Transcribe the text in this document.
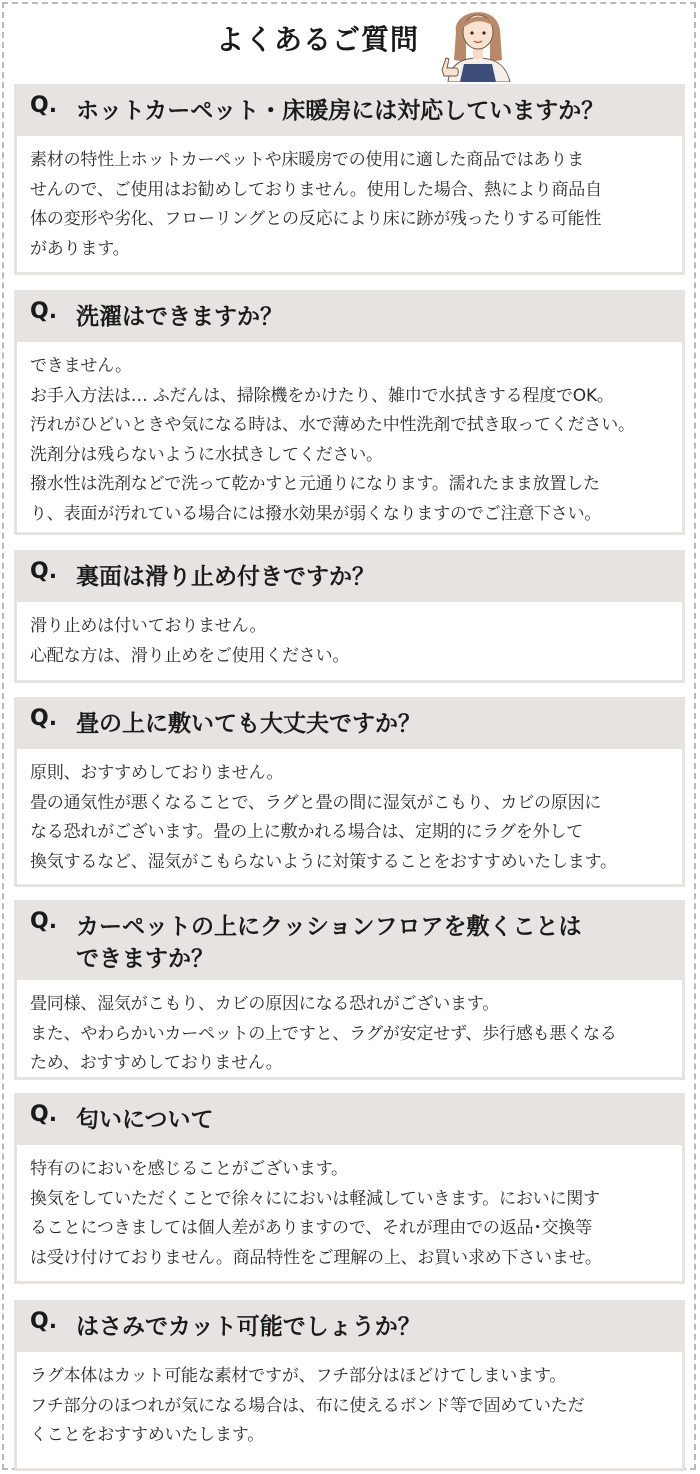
よくあるご質問
Q. ホットカーペット・床暖房には対応していますか？
素材の特性上ホットカーペットや床暖房での使用に適した商品ではありま
せんので、ご使用はお勧めしておりません。使用した場合、熱により商品自
体の変形や劣化、フローリングとの反応により床に跡が残ったりする可能性
があります。
Q. 洗濯はできますか？
できません。
お手入方法は… ふだんは、掃除機をかけたり、雑巾で水拭きする程度でOK。
汚れがひどいときや気になる時は、水で薄めた中性洗剤で拭き取ってください。
洗剤分は残らないように水拭きしてください。
撥水性は洗剤などで洗って乾かすと元通りになります。濡れたまま放置した
り、表面が汚れている場合には撥水効果が弱くなりますのでご注意下さい。
Q. 裏面は滑り止め付きですか？
滑り止めは付いておりません。
心配な方は、滑り止めをご使用ください。
Q. 畳の上に敷いても大丈夫ですか？
原則、おすすめしておりません。
畳の通気性が悪くなることで、ラグと畳の間に湿気がこもり、カビの原因に
なる恐れがございます。畳の上に敷かれる場合は、定期的にラグを外して
換気するなど、湿気がこもらないように対策することをおすすめいたします。
Q. カーペットの上にクッションフロアを敷くことは
できますか？
畳同様、湿気がこもり、カビの原因になる恐れがございます。
また、やわらかいカーペットの上ですと、ラグが安定せず、歩行感も悪くなる
ため、おすすめしておりません。
Q. 匂いについて
特有のにおいを感じることがございます。
換気をしていただくことで徐々ににおいは軽減していきます。においに関す
ることにつきましては個人差がありますので、それが理由での返品･交換等
は受け付けておりません。商品特性をご理解の上、お買い求め下さいませ。
Q. はさみでカット可能でしょうか？
ラグ本体はカット可能な素材ですが、フチ部分はほどけてしまいます。
フチ部分のほつれが気になる場合は、布に使えるボンド等で固めていただ
くことをおすすめいたします。
